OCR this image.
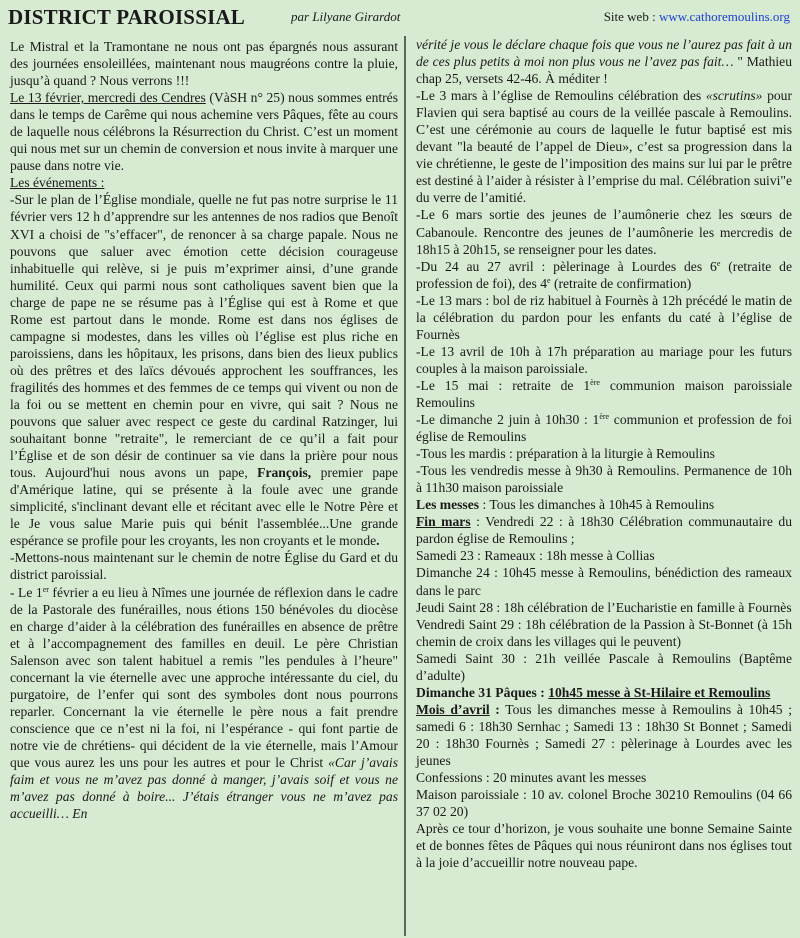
DISTRICT PAROISSIAL	par Lilyane Girardot	Site web : www.cathoremoulins.org

Le Mistral et la Tramontane ne nous ont pas épargnés nous assurant des journées ensoleillées, maintenant nous maugréons contre la pluie, jusqu’à quand ? Nous verrons !!!

Le 13 février, mercredi des Cendres (VàSH n° 25) nous sommes entrés dans le temps de Carême qui nous achemine vers Pâques, fête au cours de laquelle nous célébrons la Résurrection du Christ. C’est un moment qui nous met sur un chemin de conversion et nous invite à marquer une pause dans notre vie.

Les événements :

-Sur le plan de l’Église mondiale, quelle ne fut pas notre surprise le 11 février vers 12 h d’apprendre sur les antennes de nos radios que Benoît XVI a choisi de "s’effacer", de renoncer à sa charge papale. Nous ne pouvons que saluer avec émotion cette décision courageuse inhabituelle qui relève, si je puis m’exprimer ainsi, d’une grande humilité. Ceux qui parmi nous sont catholiques savent bien que la charge de pape ne se résume pas à l’Église qui est à Rome et que Rome est partout dans le monde. Rome est dans nos églises de campagne si modestes, dans les villes où l’église est plus riche en paroissiens, dans les hôpitaux, les prisons, dans bien des lieux publics où des prêtres et des laïcs dévoués approchent les souffrances, les fragilités des hommes et des femmes de ce temps qui vivent ou non de la foi ou se mettent en chemin pour en vivre, qui sait ? Nous ne pouvons que saluer avec respect ce geste du cardinal Ratzinger, lui souhaitant bonne "retraite", le remerciant de ce qu’il a fait pour l’Église et de son désir de continuer sa vie dans la prière pour nous tous. Aujourd'hui nous avons un pape, François, premier pape d'Amérique latine, qui se présente à la foule avec une grande simplicité, s'inclinant devant elle et récitant avec elle le Notre Père et le Je vous salue Marie puis qui bénit l'assemblée...Une grande espérance se profile pour les croyants, les non croyants et le monde.

-Mettons-nous maintenant sur le chemin de notre Église du Gard et du district paroissial.

- Le 1er février a eu lieu à Nîmes une journée de réflexion dans le cadre de la Pastorale des funérailles, nous étions 150 bénévoles du diocèse en charge d’aider à la célébration des funérailles en absence de prêtre et à l’accompagnement des familles en deuil. Le père Christian Salenson avec son talent habituel a remis "les pendules à l’heure" concernant la vie éternelle avec une approche intéressante du ciel, du purgatoire, de l’enfer qui sont des symboles dont nous pourrons reparler. Concernant la vie éternelle le père nous a fait prendre conscience que ce n’est ni la foi, ni l’espérance - qui font partie de notre vie de chrétiens- qui décident de la vie éternelle, mais l’Amour que vous aurez les uns pour les autres et pour le Christ «Car j’avais faim et vous ne m’avez pas donné à manger, j’avais soif et vous ne m’avez pas donné à boire... J’étais étranger vous ne m’avez pas accueilli… En

vérité je vous le déclare chaque fois que vous ne l’aurez pas fait à un de ces plus petits à moi non plus vous ne l’avez pas fait… " Mathieu chap 25, versets 42-46. À méditer !

-Le 3 mars à l’église de Remoulins célébration des «scrutins» pour Flavien qui sera baptisé au cours de la veillée pascale à Remoulins. C’est une cérémonie au cours de laquelle le futur baptisé est mis devant "la beauté de l’appel de Dieu», c’est sa progression dans la vie chrétienne, le geste de l’imposition des mains sur lui par le prêtre est destiné à l’aider à résister à l’emprise du mal. Célébration suivi"e du verre de l’amitié.

-Le 6 mars sortie des jeunes de l’aumônerie chez les sœurs de Cabanoule. Rencontre des jeunes de l’aumônerie les mercredis de 18h15 à 20h15, se renseigner pour les dates.

-Du 24 au 27 avril : pèlerinage à Lourdes des 6e (retraite de profession de foi), des 4e (retraite de confirmation)

-Le 13 mars : bol de riz habituel à Fournès à 12h précédé le matin de la célébration du pardon pour les enfants du caté à l’église de Fournès

-Le 13 avril de 10h à 17h préparation au mariage pour les futurs couples à la maison paroissiale.

-Le 15 mai : retraite de 1ère communion maison paroissiale Remoulins

-Le dimanche 2 juin à 10h30 : 1ère communion et profession de foi église de Remoulins

-Tous les mardis : préparation à la liturgie à Remoulins

-Tous les vendredis messe à 9h30 à Remoulins. Permanence de 10h à 11h30 maison paroissiale

Les messes : Tous les dimanches à 10h45 à Remoulins

Fin mars : Vendredi 22 : à 18h30 Célébration communautaire du pardon église de Remoulins ;

Samedi 23 : Rameaux : 18h messe à Collias

Dimanche 24 : 10h45 messe à Remoulins, bénédiction des rameaux dans le parc

Jeudi Saint 28 : 18h célébration de l’Eucharistie en famille à Fournès

Vendredi Saint 29 : 18h célébration de la Passion à St-Bonnet (à 15h chemin de croix dans les villages qui le peuvent)

Samedi Saint 30 : 21h veillée Pascale à Remoulins (Baptême d’adulte)

Dimanche 31 Pâques : 10h45 messe à St-Hilaire et Remoulins

Mois d’avril : Tous les dimanches messe à Remoulins à 10h45 ; samedi 6 : 18h30 Sernhac ; Samedi 13 : 18h30 St Bonnet ; Samedi 20 : 18h30 Fournès ; Samedi 27 : pèlerinage à Lourdes avec les jeunes

Confessions : 20 minutes avant les messes

Maison paroissiale : 10 av. colonel Broche 30210 Remoulins (04 66 37 02 20)

Après ce tour d’horizon, je vous souhaite une bonne Semaine Sainte et de bonnes fêtes de Pâques qui nous réuniront dans nos églises tout à la joie d’accueillir notre nouveau pape.
